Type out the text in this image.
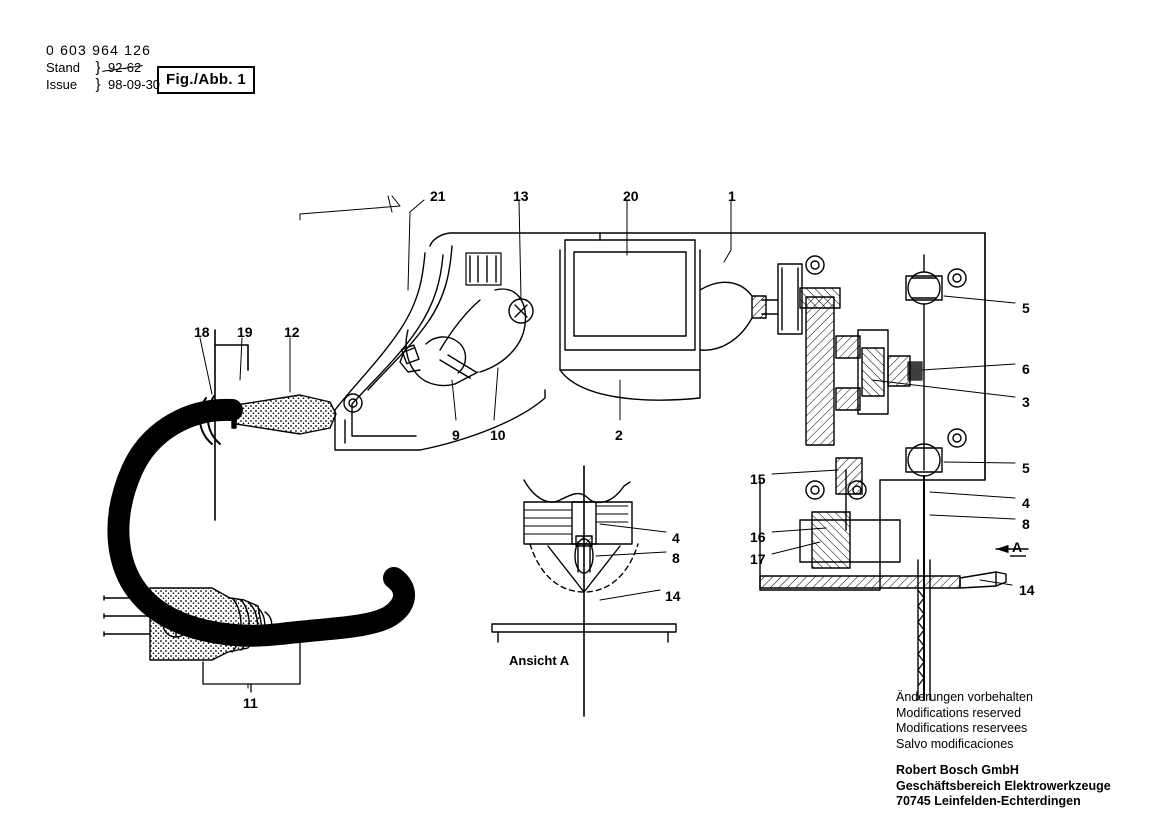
0 603 964 126
Stand	} 92-62
Issue	} 98-09-30 Fig./Abb. 1
21	13	20	1
5
6
3
5
4
8
14
15
16
17
18 19 12
9 10	2
11
4
8
14
Ansicht A
A
Änderungen vorbehalten
Modifications reserved
Modifications reservees
Salvo modificaciones
Robert Bosch GmbH
Geschäftsbereich Elektrowerkzeuge
70745 Leinfelden-Echterdingen
